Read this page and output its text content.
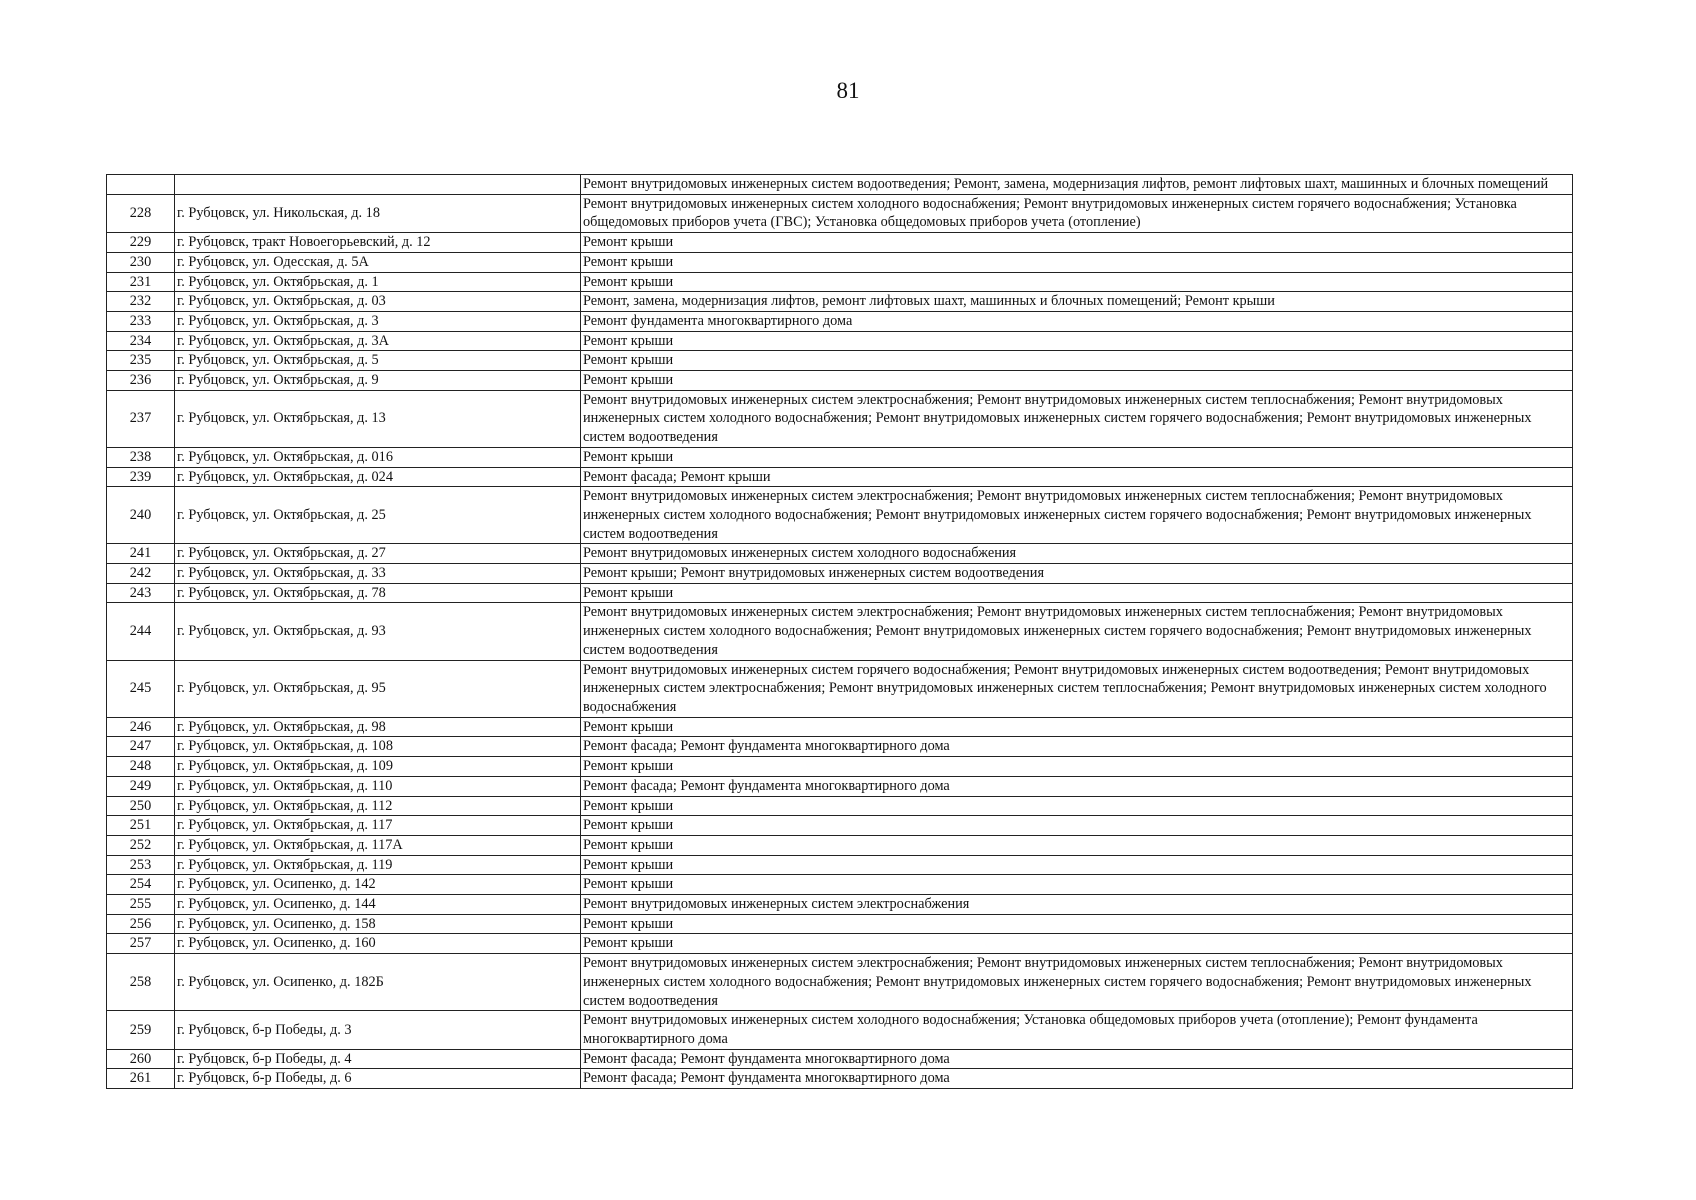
81
		Ремонт внутридомовых инженерных систем водоотведения; Ремонт, замена, модернизация лифтов, ремонт лифтовых шахт, машинных и блочных помещений
228	г. Рубцовск, ул. Никольская, д. 18	Ремонт внутридомовых инженерных систем холодного водоснабжения; Ремонт внутридомовых инженерных систем горячего водоснабжения; Установка общедомовых приборов учета (ГВС); Установка общедомовых приборов учета (отопление)
229	г. Рубцовск, тракт Новоегорьевский, д. 12	Ремонт крыши
230	г. Рубцовск, ул. Одесская, д. 5А	Ремонт крыши
231	г. Рубцовск, ул. Октябрьская, д. 1	Ремонт крыши
232	г. Рубцовск, ул. Октябрьская, д. 03	Ремонт, замена, модернизация лифтов, ремонт лифтовых шахт, машинных и блочных помещений; Ремонт крыши
233	г. Рубцовск, ул. Октябрьская, д. 3	Ремонт фундамента многоквартирного дома
234	г. Рубцовск, ул. Октябрьская, д. 3А	Ремонт крыши
235	г. Рубцовск, ул. Октябрьская, д. 5	Ремонт крыши
236	г. Рубцовск, ул. Октябрьская, д. 9	Ремонт крыши
237	г. Рубцовск, ул. Октябрьская, д. 13	Ремонт внутридомовых инженерных систем электроснабжения; Ремонт внутридомовых инженерных систем теплоснабжения; Ремонт внутридомовых инженерных систем холодного водоснабжения; Ремонт внутридомовых инженерных систем горячего водоснабжения; Ремонт внутридомовых инженерных систем водоотведения
238	г. Рубцовск, ул. Октябрьская, д. 016	Ремонт крыши
239	г. Рубцовск, ул. Октябрьская, д. 024	Ремонт фасада; Ремонт крыши
240	г. Рубцовск, ул. Октябрьская, д. 25	Ремонт внутридомовых инженерных систем электроснабжения; Ремонт внутридомовых инженерных систем теплоснабжения; Ремонт внутридомовых инженерных систем холодного водоснабжения; Ремонт внутридомовых инженерных систем горячего водоснабжения; Ремонт внутридомовых инженерных систем водоотведения
241	г. Рубцовск, ул. Октябрьская, д. 27	Ремонт внутридомовых инженерных систем холодного водоснабжения
242	г. Рубцовск, ул. Октябрьская, д. 33	Ремонт крыши; Ремонт внутридомовых инженерных систем водоотведения
243	г. Рубцовск, ул. Октябрьская, д. 78	Ремонт крыши
244	г. Рубцовск, ул. Октябрьская, д. 93	Ремонт внутридомовых инженерных систем электроснабжения; Ремонт внутридомовых инженерных систем теплоснабжения; Ремонт внутридомовых инженерных систем холодного водоснабжения; Ремонт внутридомовых инженерных систем горячего водоснабжения; Ремонт внутридомовых инженерных систем водоотведения
245	г. Рубцовск, ул. Октябрьская, д. 95	Ремонт внутридомовых инженерных систем горячего водоснабжения; Ремонт внутридомовых инженерных систем водоотведения; Ремонт внутридомовых инженерных систем электроснабжения; Ремонт внутридомовых инженерных систем теплоснабжения; Ремонт внутридомовых инженерных систем холодного водоснабжения
246	г. Рубцовск, ул. Октябрьская, д. 98	Ремонт крыши
247	г. Рубцовск, ул. Октябрьская, д. 108	Ремонт фасада; Ремонт фундамента многоквартирного дома
248	г. Рубцовск, ул. Октябрьская, д. 109	Ремонт крыши
249	г. Рубцовск, ул. Октябрьская, д. 110	Ремонт фасада; Ремонт фундамента многоквартирного дома
250	г. Рубцовск, ул. Октябрьская, д. 112	Ремонт крыши
251	г. Рубцовск, ул. Октябрьская, д. 117	Ремонт крыши
252	г. Рубцовск, ул. Октябрьская, д. 117А	Ремонт крыши
253	г. Рубцовск, ул. Октябрьская, д. 119	Ремонт крыши
254	г. Рубцовск, ул. Осипенко, д. 142	Ремонт крыши
255	г. Рубцовск, ул. Осипенко, д. 144	Ремонт внутридомовых инженерных систем электроснабжения
256	г. Рубцовск, ул. Осипенко, д. 158	Ремонт крыши
257	г. Рубцовск, ул. Осипенко, д. 160	Ремонт крыши
258	г. Рубцовск, ул. Осипенко, д. 182Б	Ремонт внутридомовых инженерных систем электроснабжения; Ремонт внутридомовых инженерных систем теплоснабжения; Ремонт внутридомовых инженерных систем холодного водоснабжения; Ремонт внутридомовых инженерных систем горячего водоснабжения; Ремонт внутридомовых инженерных систем водоотведения
259	г. Рубцовск, б-р Победы, д. 3	Ремонт внутридомовых инженерных систем холодного водоснабжения; Установка общедомовых приборов учета (отопление); Ремонт фундамента многоквартирного дома
260	г. Рубцовск, б-р Победы, д. 4	Ремонт фасада; Ремонт фундамента многоквартирного дома
261	г. Рубцовск, б-р Победы, д. 6	Ремонт фасада; Ремонт фундамента многоквартирного дома
